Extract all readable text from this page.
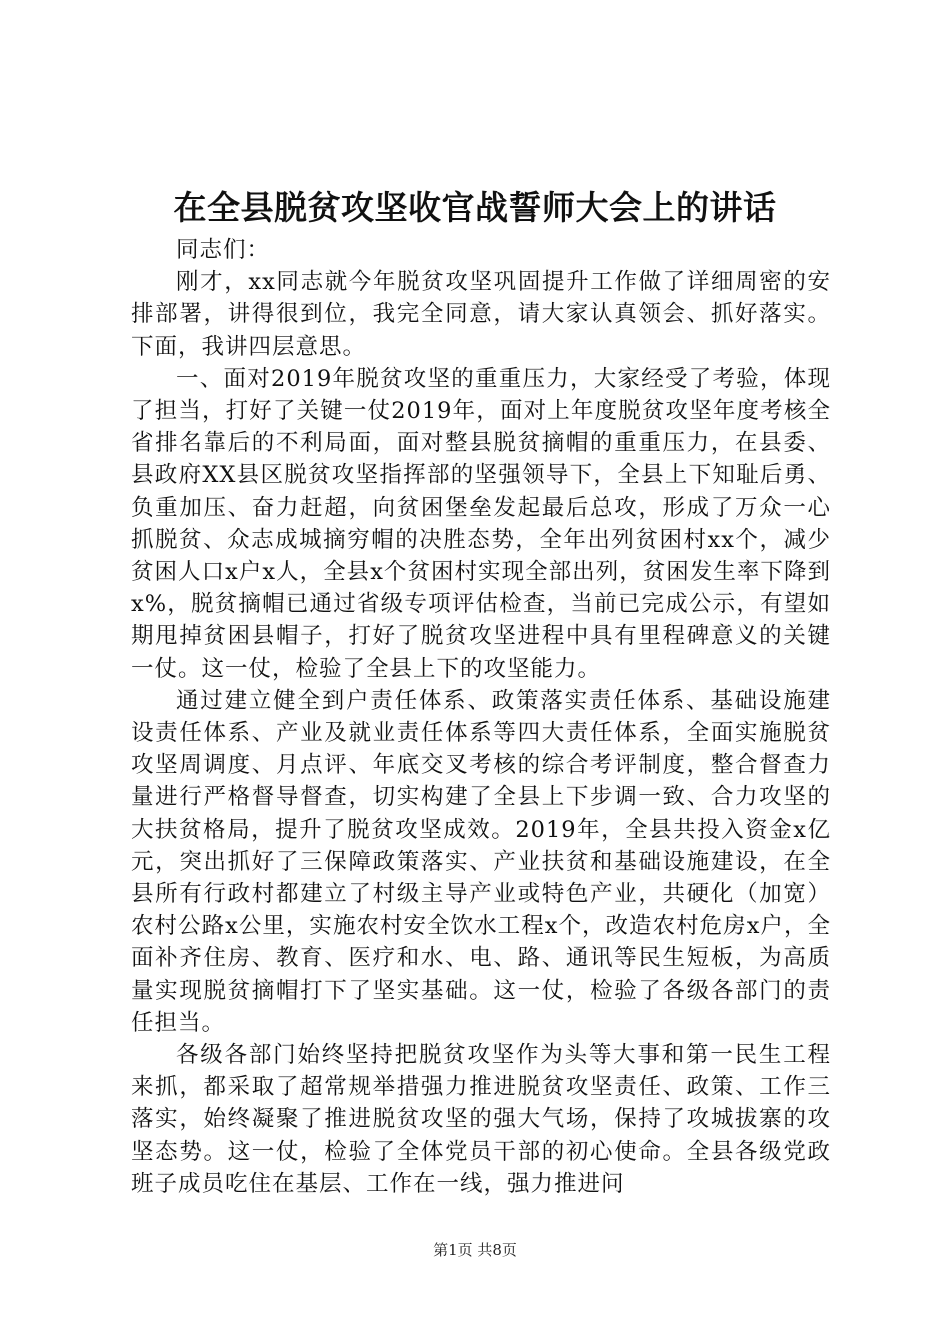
在全县脱贫攻坚收官战誓师大会上的讲话

同志们：

刚才，xx同志就今年脱贫攻坚巩固提升工作做了详细周密的安排部署，讲得很到位，我完全同意，请大家认真领会、抓好落实。下面，我讲四层意思。

一、面对2019年脱贫攻坚的重重压力，大家经受了考验，体现了担当，打好了关键一仗2019年，面对上年度脱贫攻坚年度考核全省排名靠后的不利局面，面对整县脱贫摘帽的重重压力，在县委、县政府XX县区脱贫攻坚指挥部的坚强领导下，全县上下知耻后勇、负重加压、奋力赶超，向贫困堡垒发起最后总攻，形成了万众一心抓脱贫、众志成城摘穷帽的决胜态势，全年出列贫困村xx个，减少贫困人口x户x人，全县x个贫困村实现全部出列，贫困发生率下降到x%，脱贫摘帽已通过省级专项评估检查，当前已完成公示，有望如期甩掉贫困县帽子，打好了脱贫攻坚进程中具有里程碑意义的关键一仗。这一仗，检验了全县上下的攻坚能力。

通过建立健全到户责任体系、政策落实责任体系、基础设施建设责任体系、产业及就业责任体系等四大责任体系，全面实施脱贫攻坚周调度、月点评、年底交叉考核的综合考评制度，整合督查力量进行严格督导督查，切实构建了全县上下步调一致、合力攻坚的大扶贫格局，提升了脱贫攻坚成效。2019年，全县共投入资金x亿元，突出抓好了三保障政策落实、产业扶贫和基础设施建设，在全县所有行政村都建立了村级主导产业或特色产业，共硬化（加宽）农村公路x公里，实施农村安全饮水工程x个，改造农村危房x户，全面补齐住房、教育、医疗和水、电、路、通讯等民生短板，为高质量实现脱贫摘帽打下了坚实基础。这一仗，检验了各级各部门的责任担当。

各级各部门始终坚持把脱贫攻坚作为头等大事和第一民生工程来抓，都采取了超常规举措强力推进脱贫攻坚责任、政策、工作三落实，始终凝聚了推进脱贫攻坚的强大气场，保持了攻城拔寨的攻坚态势。这一仗，检验了全体党员干部的初心使命。全县各级党政班子成员吃住在基层、工作在一线，强力推进问

第1页 共8页
